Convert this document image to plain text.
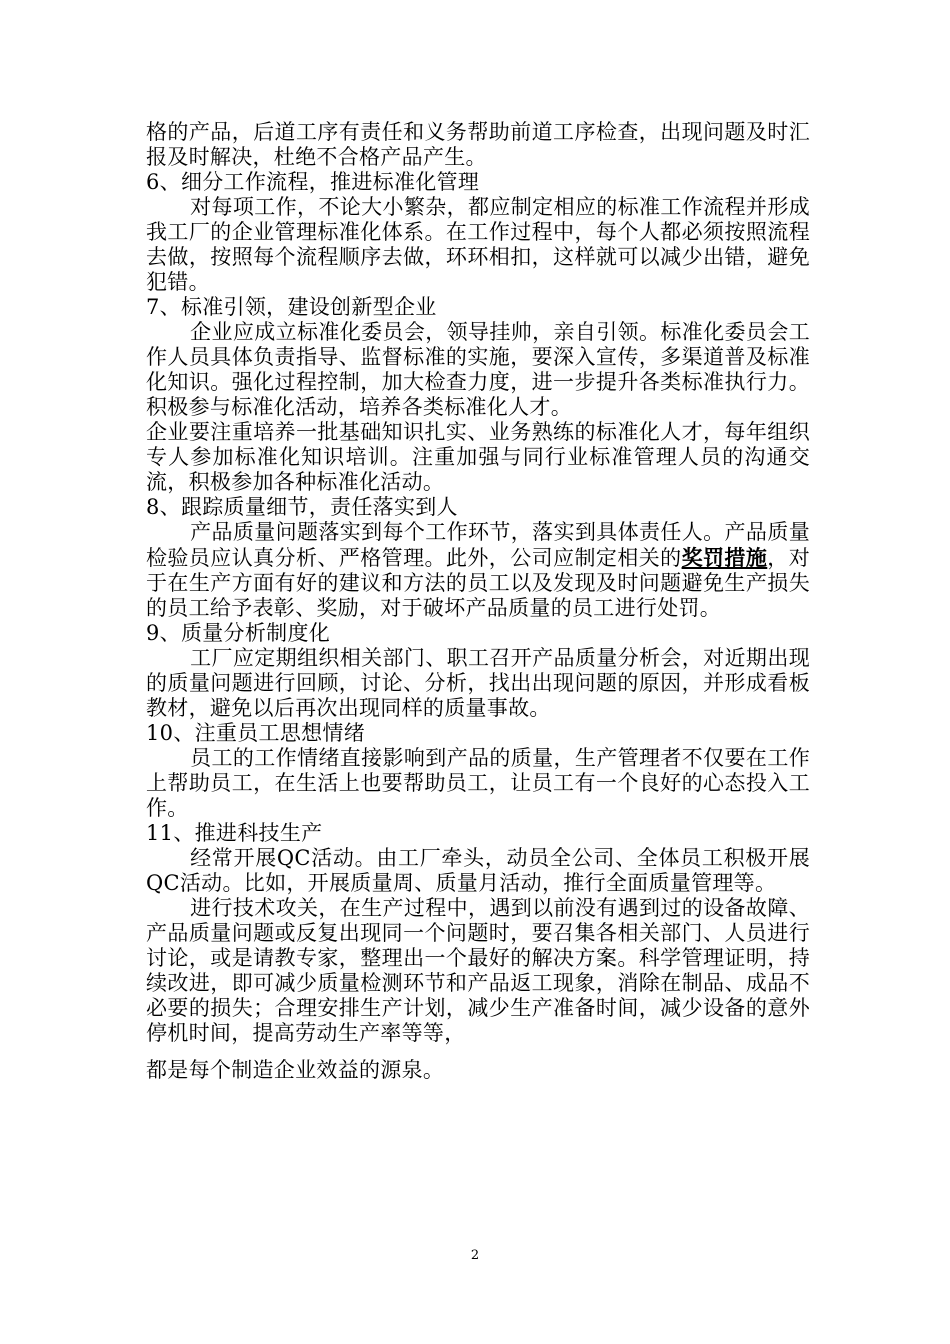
格的产品，后道工序有责任和义务帮助前道工序检查，出现问题及时汇报及时解决，杜绝不合格产品产生。

6、细分工作流程，推进标准化管理

对每项工作，不论大小繁杂，都应制定相应的标准工作流程并形成我工厂的企业管理标准化体系。在工作过程中，每个人都必须按照流程去做，按照每个流程顺序去做，环环相扣，这样就可以减少出错，避免犯错。

7、标准引领，建设创新型企业

企业应成立标准化委员会，领导挂帅，亲自引领。标准化委员会工作人员具体负责指导、监督标准的实施，要深入宣传，多渠道普及标准化知识。强化过程控制，加大检查力度，进一步提升各类标准执行力。积极参与标准化活动，培养各类标准化人才。

企业要注重培养一批基础知识扎实、业务熟练的标准化人才，每年组织专人参加标准化知识培训。注重加强与同行业标准管理人员的沟通交流，积极参加各种标准化活动。

8、跟踪质量细节，责任落实到人

产品质量问题落实到每个工作环节，落实到具体责任人。产品质量检验员应认真分析、严格管理。此外，公司应制定相关的奖罚措施，对于在生产方面有好的建议和方法的员工以及发现及时问题避免生产损失的员工给予表彰、奖励，对于破坏产品质量的员工进行处罚。

9、质量分析制度化

工厂应定期组织相关部门、职工召开产品质量分析会，对近期出现的质量问题进行回顾，讨论、分析，找出出现问题的原因，并形成看板教材，避免以后再次出现同样的质量事故。

10、注重员工思想情绪

员工的工作情绪直接影响到产品的质量，生产管理者不仅要在工作上帮助员工，在生活上也要帮助员工，让员工有一个良好的心态投入工作。

11、推进科技生产

经常开展QC活动。由工厂牵头，动员全公司、全体员工积极开展QC活动。比如，开展质量周、质量月活动，推行全面质量管理等。

进行技术攻关，在生产过程中，遇到以前没有遇到过的设备故障、产品质量问题或反复出现同一个问题时，要召集各相关部门、人员进行讨论，或是请教专家，整理出一个最好的解决方案。科学管理证明，持续改进，即可减少质量检测环节和产品返工现象，消除在制品、成品不必要的损失；合理安排生产计划，减少生产准备时间，减少设备的意外停机时间，提高劳动生产率等等，

都是每个制造企业效益的源泉。

2
